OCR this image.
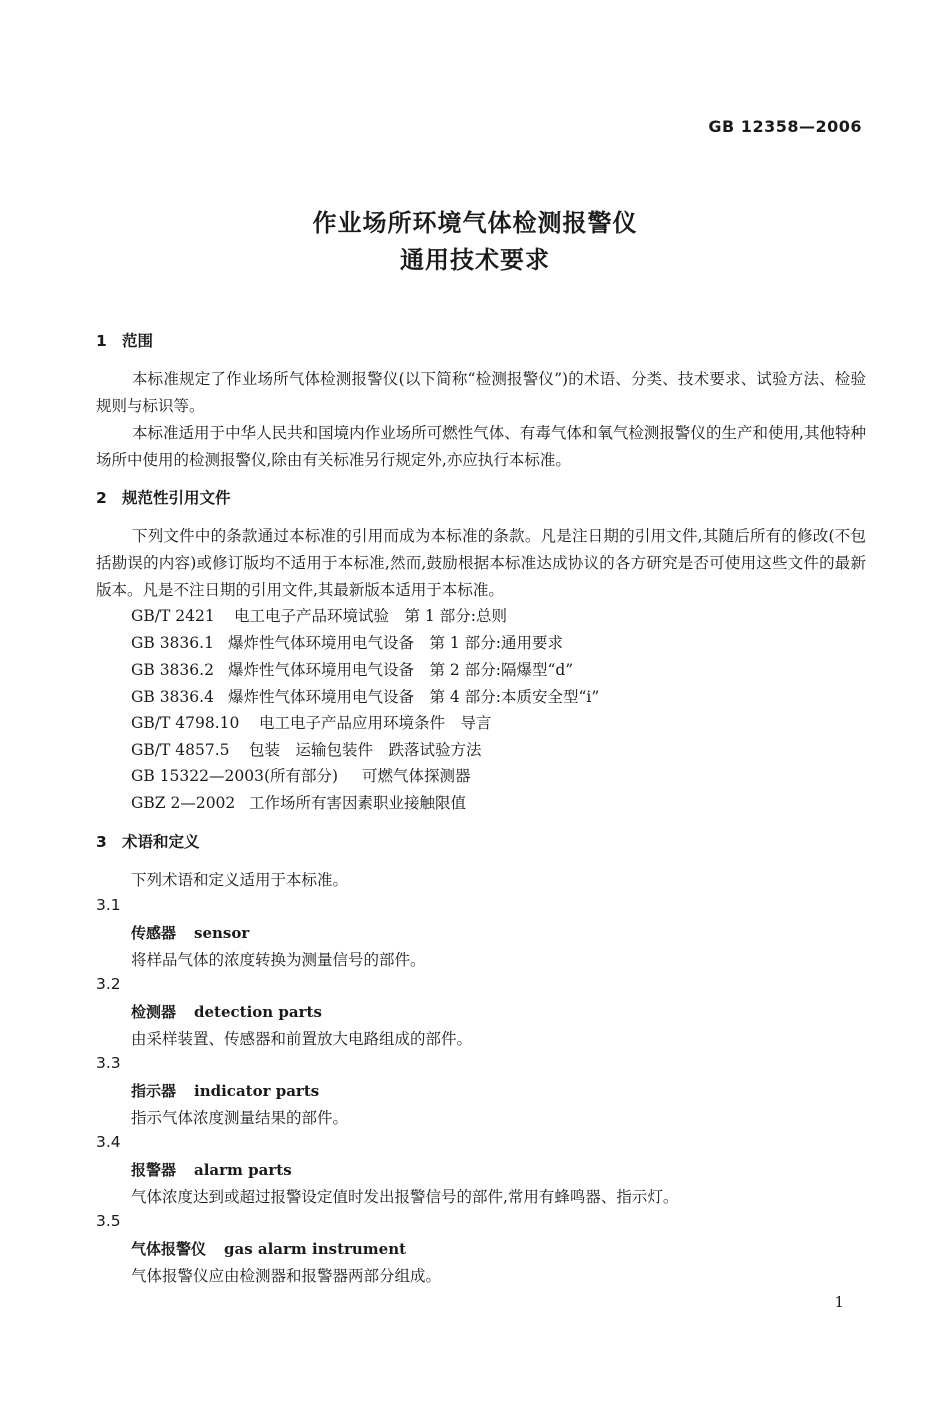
GB 12358—2006
作业场所环境气体检测报警仪
通用技术要求
1 范围
本标准规定了作业场所气体检测报警仪(以下简称“检测报警仪”)的术语、分类、技术要求、试验方法、检验规则与标识等。
本标准适用于中华人民共和国境内作业场所可燃性气体、有毒气体和氧气检测报警仪的生产和使用,其他特种场所中使用的检测报警仪,除由有关标准另行规定外,亦应执行本标准。
2 规范性引用文件
下列文件中的条款通过本标准的引用而成为本标准的条款。凡是注日期的引用文件,其随后所有的修改(不包括勘误的内容)或修订版均不适用于本标准,然而,鼓励根据本标准达成协议的各方研究是否可使用这些文件的最新版本。凡是不注日期的引用文件,其最新版本适用于本标准。
GB/T 2421 电工电子产品环境试验　第 1 部分:总则
GB 3836.1 爆炸性气体环境用电气设备　第 1 部分:通用要求
GB 3836.2 爆炸性气体环境用电气设备　第 2 部分:隔爆型“d”
GB 3836.4 爆炸性气体环境用电气设备　第 4 部分:本质安全型“i”
GB/T 4798.10 电工电子产品应用环境条件　导言
GB/T 4857.5 包装　运输包装件　跌落试验方法
GB 15322—2003(所有部分) 可燃气体探测器
GBZ 2—2002 工作场所有害因素职业接触限值
3 术语和定义
下列术语和定义适用于本标准。
3.1
传感器 sensor
将样品气体的浓度转换为测量信号的部件。
3.2
检测器 detection parts
由采样装置、传感器和前置放大电路组成的部件。
3.3
指示器 indicator parts
指示气体浓度测量结果的部件。
3.4
报警器 alarm parts
气体浓度达到或超过报警设定值时发出报警信号的部件,常用有蜂鸣器、指示灯。
3.5
气体报警仪 gas alarm instrument
气体报警仪应由检测器和报警器两部分组成。
1
